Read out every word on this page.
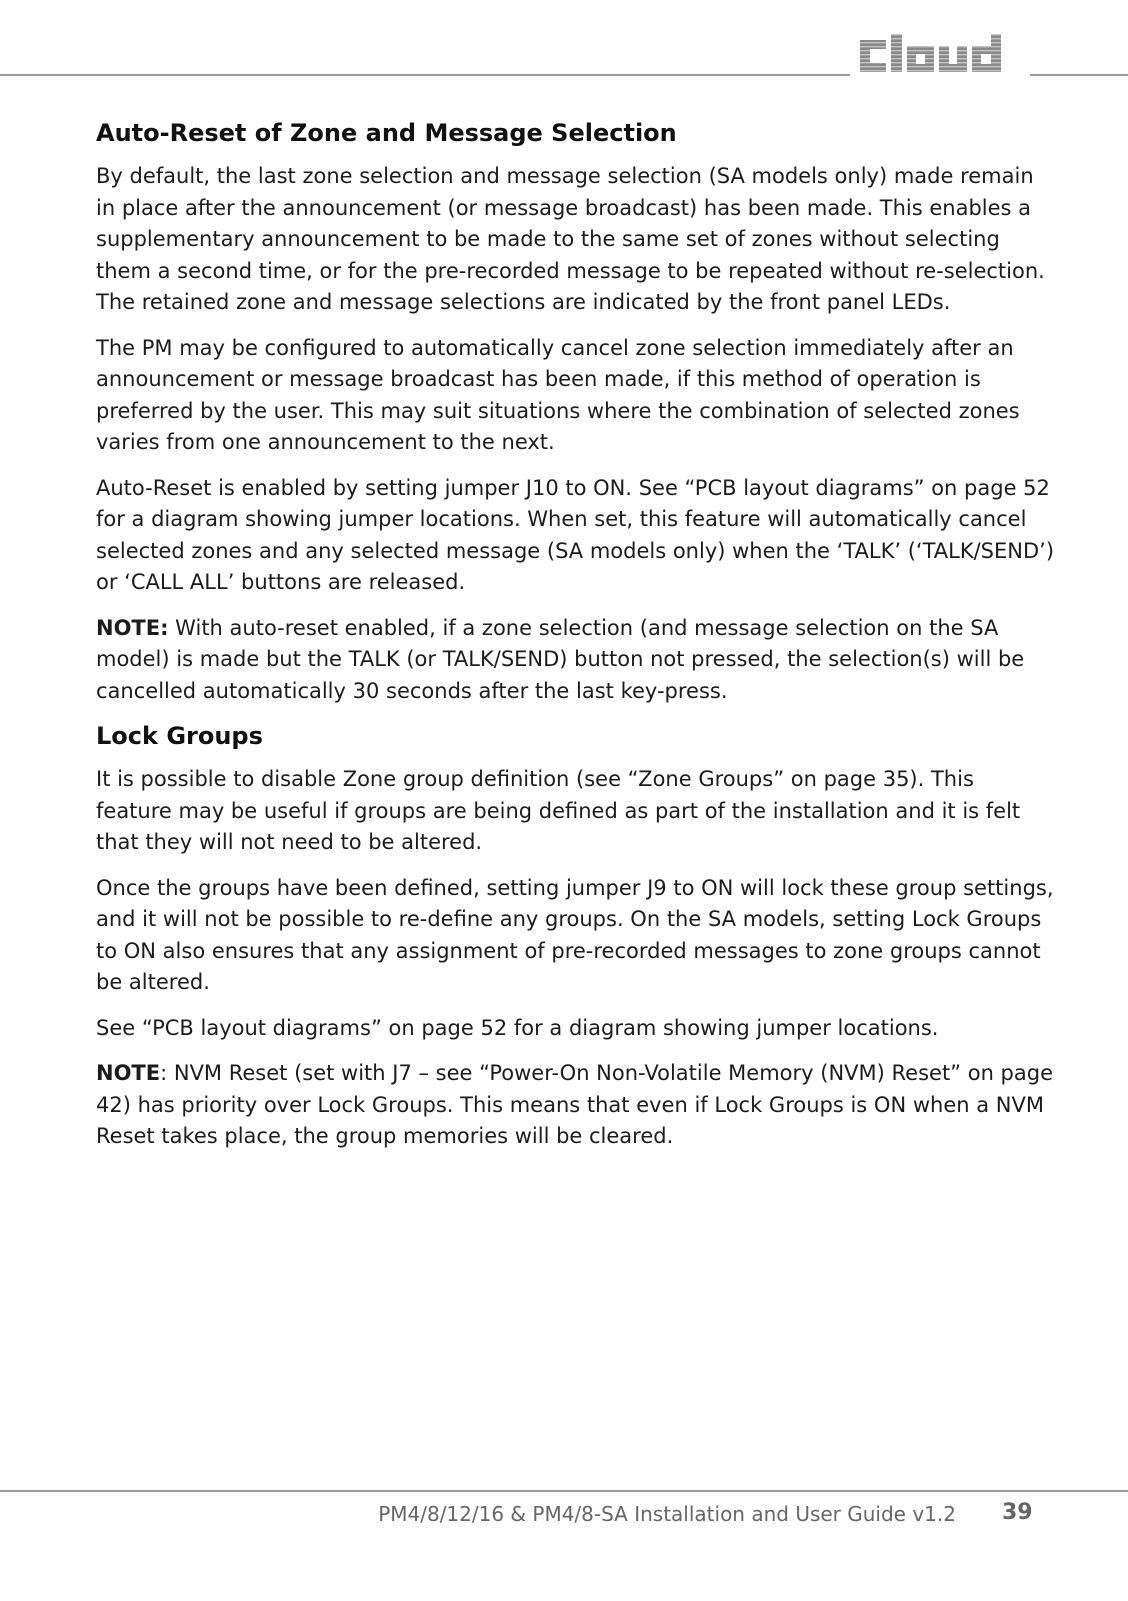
Auto-Reset of Zone and Message Selection

By default, the last zone selection and message selection (SA models only) made remain in place after the announcement (or message broadcast) has been made. This enables a supplementary announcement to be made to the same set of zones without selecting them a second time, or for the pre-recorded message to be repeated without re-selection. The retained zone and message selections are indicated by the front panel LEDs.

The PM may be configured to automatically cancel zone selection immediately after an announcement or message broadcast has been made, if this method of operation is preferred by the user. This may suit situations where the combination of selected zones varies from one announcement to the next.

Auto-Reset is enabled by setting jumper J10 to ON. See “PCB layout diagrams” on page 52 for a diagram showing jumper locations. When set, this feature will automatically cancel selected zones and any selected message (SA models only) when the ‘TALK’ (‘TALK/SEND’) or ‘CALL ALL’ buttons are released.

NOTE: With auto-reset enabled, if a zone selection (and message selection on the SA model) is made but the TALK (or TALK/SEND) button not pressed, the selection(s) will be cancelled automatically 30 seconds after the last key-press.

Lock Groups

It is possible to disable Zone group definition (see “Zone Groups” on page 35). This feature may be useful if groups are being defined as part of the installation and it is felt that they will not need to be altered.

Once the groups have been defined, setting jumper J9 to ON will lock these group settings, and it will not be possible to re-define any groups. On the SA models, setting Lock Groups to ON also ensures that any assignment of pre-recorded messages to zone groups cannot be altered.

See “PCB layout diagrams” on page 52 for a diagram showing jumper locations.

NOTE: NVM Reset (set with J7 – see “Power-On Non-Volatile Memory (NVM) Reset” on page 42) has priority over Lock Groups. This means that even if Lock Groups is ON when a NVM Reset takes place, the group memories will be cleared.

PM4/8/12/16 & PM4/8-SA Installation and User Guide v1.2 39
